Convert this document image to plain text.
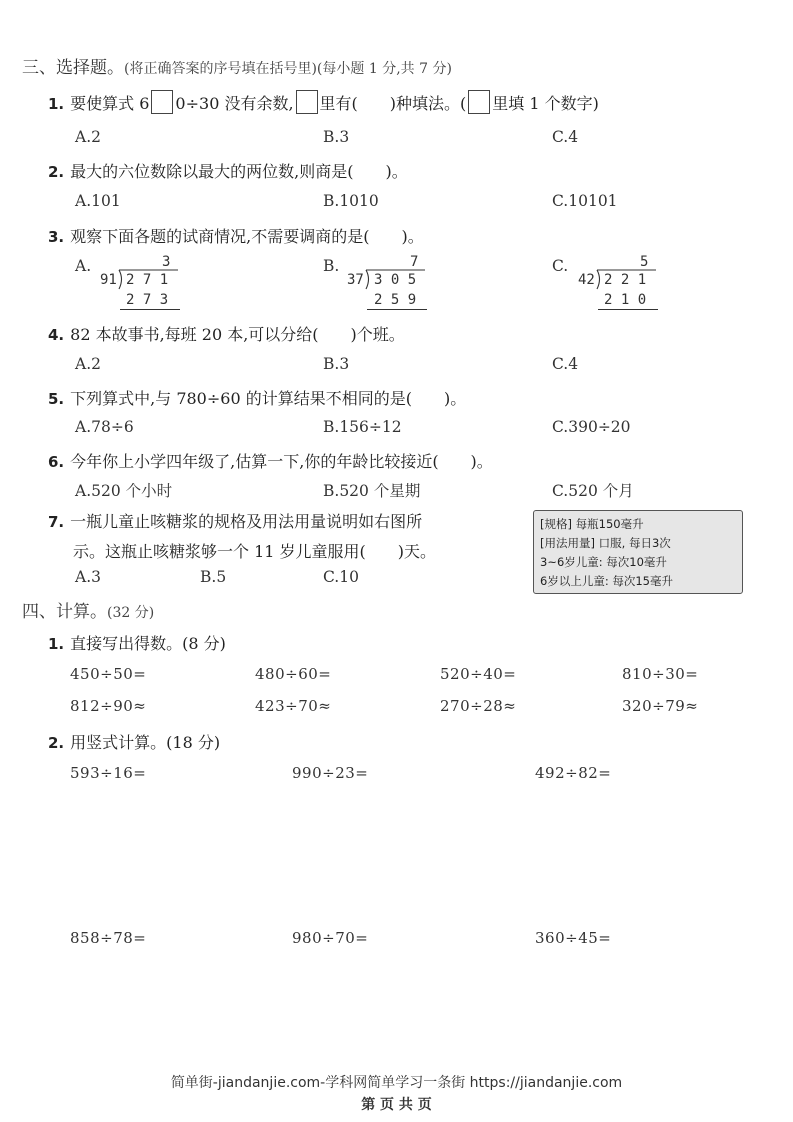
三、选择题。(将正确答案的序号填在括号里)(每小题 1 分,共 7 分)
1. 要使算式 6 0÷30 没有余数, 里有(　　)种填法。( 里填 1 个数字)
A.2	B.3	C.4
2. 最大的六位数除以最大的两位数,则商是(　　)。
A.101	B.1010	C.10101
3. 观察下面各题的试商情况,不需要调商的是(　　)。
A.	3
91 2 7 1
2 7 3
B.	7
37 3 0 5
2 5 9
C.	5
42 2 2 1
2 1 0
4. 82 本故事书,每班 20 本,可以分给(　　)个班。
A.2	B.3	C.4
5. 下列算式中,与 780÷60 的计算结果不相同的是(　　)。
A.78÷6	B.156÷12	C.390÷20
6. 今年你上小学四年级了,估算一下,你的年龄比较接近(　　)。
A.520 个小时	B.520 个星期	C.520 个月
7. 一瓶儿童止咳糖浆的规格及用法用量说明如右图所
示。这瓶止咳糖浆够一个 11 岁儿童服用(　　)天。
A.3	B.5	C.10
[规格] 每瓶150毫升
[用法用量] 口服, 每日3次
3~6岁儿童: 每次10毫升
6岁以上儿童: 每次15毫升
四、计算。(32 分)
1. 直接写出得数。(8 分)
450÷50=	480÷60=	520÷40=	810÷30=
812÷90≈	423÷70≈	270÷28≈	320÷79≈
2. 用竖式计算。(18 分)
593÷16=	990÷23=	492÷82=
858÷78=	980÷70=	360÷45=
简单街-jiandanjie.com-学科网简单学习一条街 https://jiandanjie.com
第 页 共 页
